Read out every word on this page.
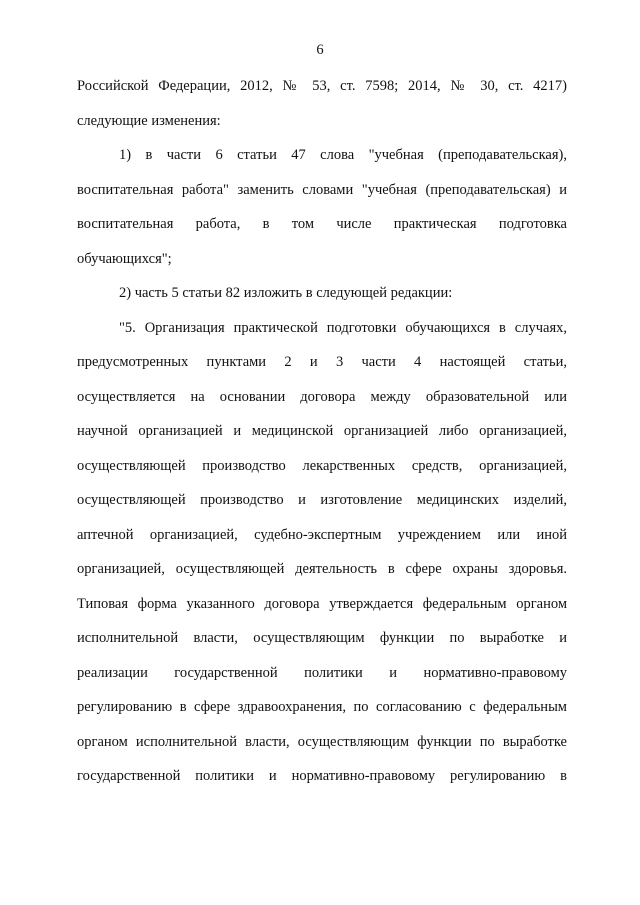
6
Российской Федерации, 2012, № 53, ст. 7598; 2014, № 30, ст. 4217)
следующие изменения:
1) в части 6 статьи 47 слова "учебная (преподавательская),
воспитательная работа" заменить словами "учебная (преподавательская) и
воспитательная работа, в том числе практическая подготовка
обучающихся";
2) часть 5 статьи 82 изложить в следующей редакции:
"5. Организация практической подготовки обучающихся в случаях,
предусмотренных пунктами 2 и 3 части 4 настоящей статьи,
осуществляется на основании договора между образовательной или
научной организацией и медицинской организацией либо организацией,
осуществляющей производство лекарственных средств, организацией,
осуществляющей производство и изготовление медицинских изделий,
аптечной организацией, судебно-экспертным учреждением или иной
организацией, осуществляющей деятельность в сфере охраны здоровья.
Типовая форма указанного договора утверждается федеральным органом
исполнительной власти, осуществляющим функции по выработке и
реализации государственной политики и нормативно-правовому
регулированию в сфере здравоохранения, по согласованию с федеральным
органом исполнительной власти, осуществляющим функции по выработке
государственной политики и нормативно-правовому регулированию в
